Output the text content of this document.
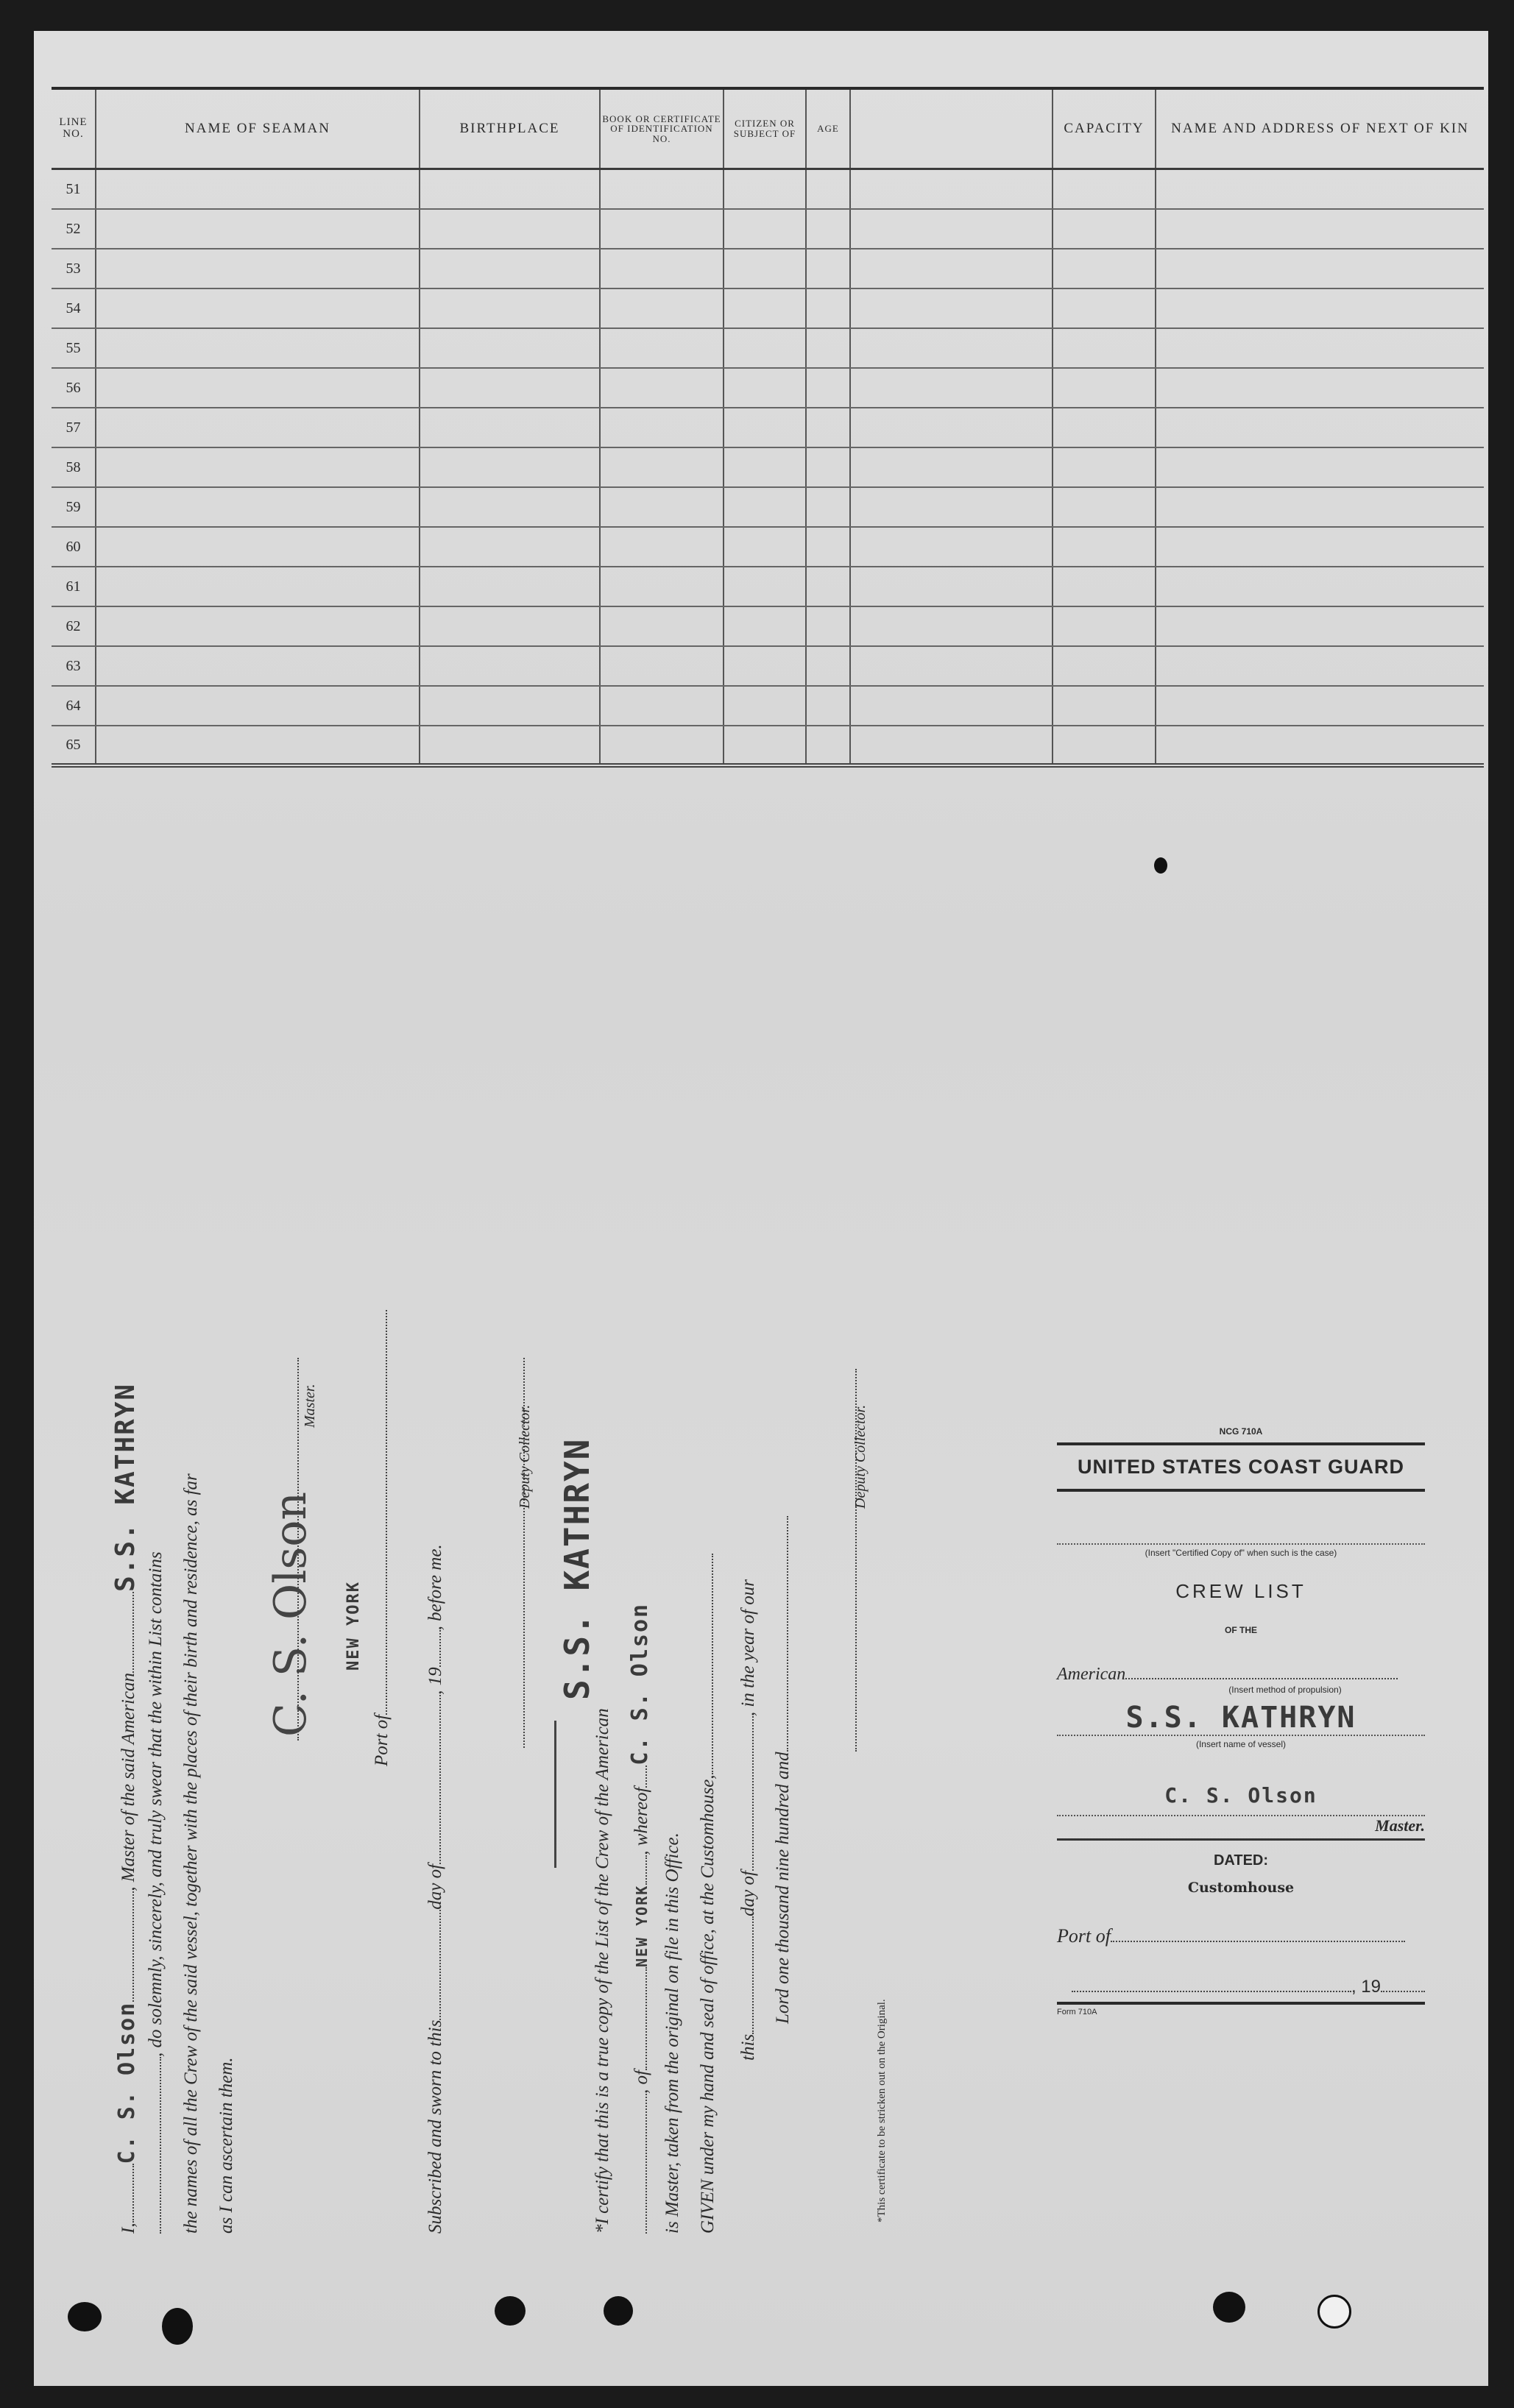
LINE NO.	NAME OF SEAMAN	BIRTHPLACE	BOOK OR CERTIFICATE OF IDENTIFICATION NO.	CITIZEN OR SUBJECT OF	AGE		CAPACITY	NAME AND ADDRESS OF NEXT OF KIN
51								
52								
53								
54								
55								
56								
57								
58								
59								
60								
61								
62								
63								
64								
65								
I,C. S. Olson, Master of the said AmericanS.S. KATHRYN
, do solemnly, sincerely, and truly swear that the within List contains the names of all the Crew of the said vessel, together with the places of their birth and residence, as far as I can ascertain them.
C. S. Olson
Master.
Port of
NEW YORK
Subscribed and sworn to thisday of, 19, before me.
Deputy Collector. S.S. KATHRYN
*I certify that this is a true copy of the List of the Crew of the American , ofNEW YORK, whereofC. S. Olson
is Master, taken from the original on file in this Office. GIVEN under my hand and seal of office, at the Customhouse, thisday of, in the year of our
Lord one thousand nine hundred and
Deputy Collector.
*This certificate to be stricken out on the Original.
NCG 710A
UNITED STATES COAST GUARD
(Insert "Certified Copy of" when such is the case)
CREW LIST
OF THE
American
(Insert method of propulsion)
S.S. KATHRYN
(Insert name of vessel)
C. S. Olson
Master.
DATED:
Customhouse
Port of
, 19
Form 710A
